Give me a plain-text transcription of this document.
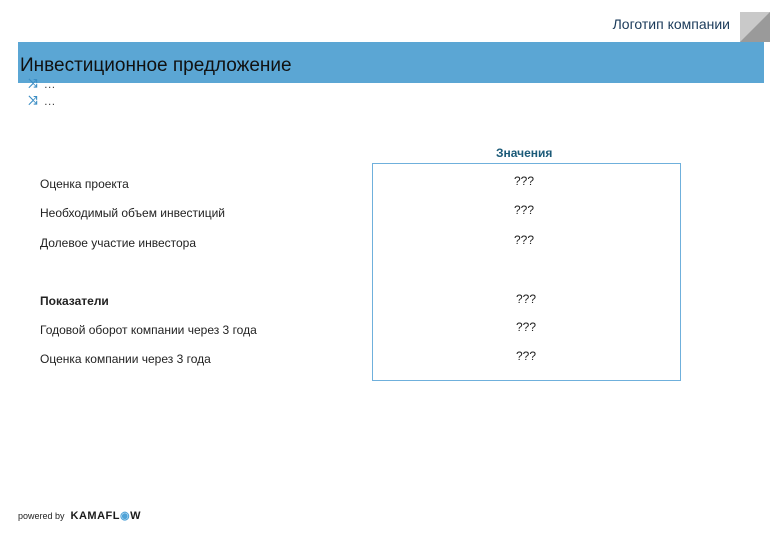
Логотип компании
Инвестиционное предложение
⤨ …
⤨ …
Значения
Оценка проекта	???
Необходимый объем инвестиций	???
Долевое участие инвестора	???
Показатели	???
Годовой оборот компании через 3 года	???
Оценка компании через 3 года	???
powered by KAMAFL◉W
